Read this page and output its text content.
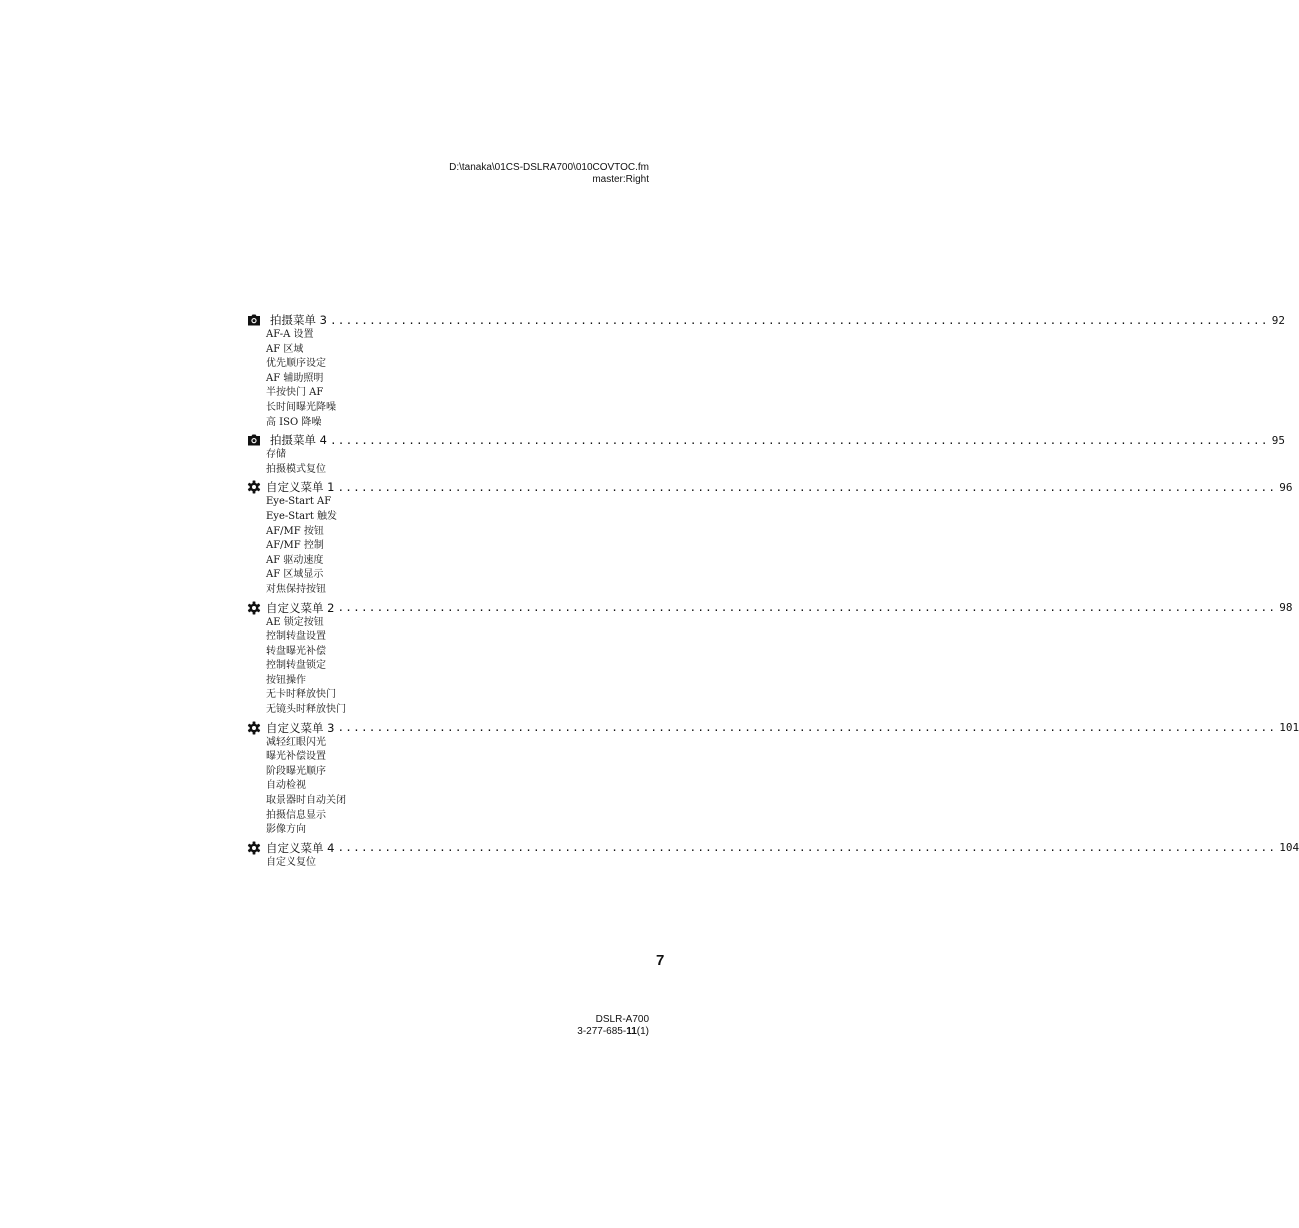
D:\tanaka\01CS-DSLRA700\010COVTOC.fm
master:Right
拍摄菜单 3 ........................................................................................................................ 92
AF-A 设置
AF 区域
优先顺序设定
AF 辅助照明
半按快门 AF
长时间曝光降噪
高 ISO 降噪
拍摄菜单 4 ........................................................................................................................ 95
存储
拍摄模式复位
自定义菜单 1 ........................................................................................................................ 96
Eye-Start AF
Eye-Start 触发
AF/MF 按钮
AF/MF 控制
AF 驱动速度
AF 区域显示
对焦保持按钮
自定义菜单 2 ........................................................................................................................ 98
AE 锁定按钮
控制转盘设置
转盘曝光补偿
控制转盘锁定
按钮操作
无卡时释放快门
无镜头时释放快门
自定义菜单 3 ........................................................................................................................ 101
减轻红眼闪光
曝光补偿设置
阶段曝光顺序
自动检视
取景器时自动关闭
拍摄信息显示
影像方向
自定义菜单 4 ........................................................................................................................ 104
自定义复位
7
DSLR-A700
3-277-685-11(1)
